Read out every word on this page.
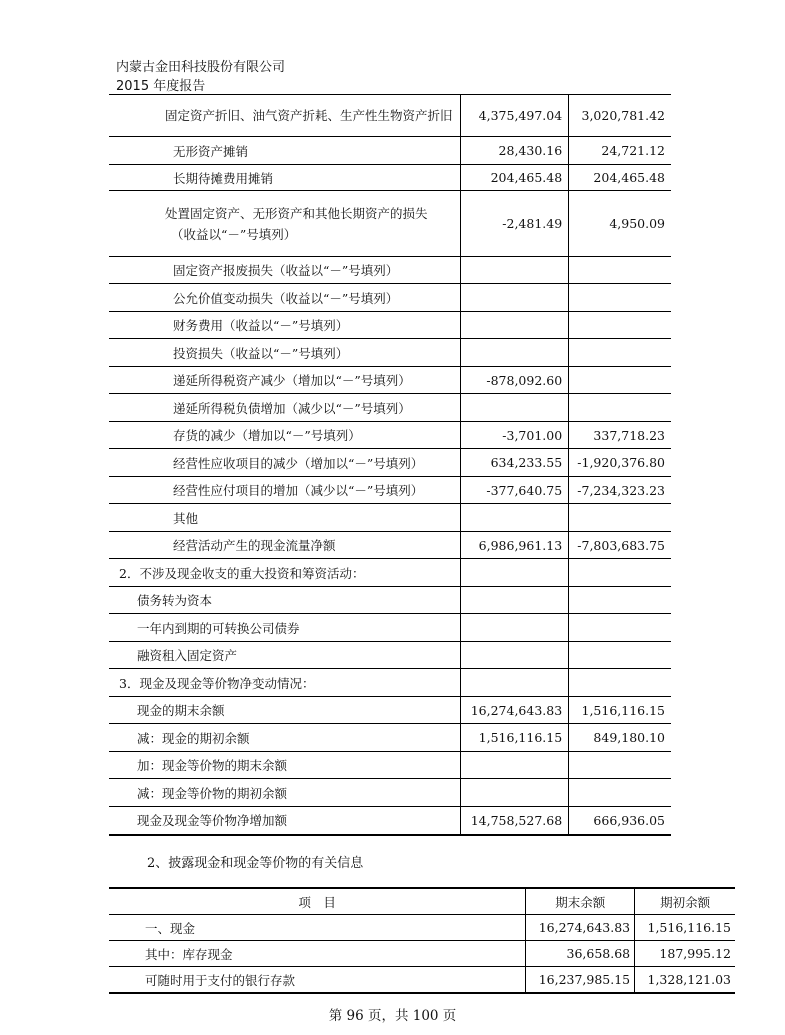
内蒙古金田科技股份有限公司
2015 年度报告
固定资产折旧、油气资产折耗、生产性生物资产折旧	4,375,497.04	3,020,781.42
无形资产摊销	28,430.16	24,721.12
长期待摊费用摊销	204,465.48	204,465.48

处置固定资产、无形资产和其他长期资产的损失
（收益以“－”号填列）	-2,481.49	4,950.09
固定资产报废损失（收益以“－”号填列）		
公允价值变动损失（收益以“－”号填列）		
财务费用（收益以“－”号填列）		
投资损失（收益以“－”号填列）		
递延所得税资产减少（增加以“－”号填列）	-878,092.60	
递延所得税负债增加（减少以“－”号填列）		
存货的减少（增加以“－”号填列）	-3,701.00	337,718.23
经营性应收项目的减少（增加以“－”号填列）	634,233.55	-1,920,376.80
经营性应付项目的增加（减少以“－”号填列）	-377,640.75	-7,234,323.23
其他		
经营活动产生的现金流量净额	6,986,961.13	-7,803,683.75
2．不涉及现金收支的重大投资和筹资活动：		
债务转为资本		
一年内到期的可转换公司债券		
融资租入固定资产		
3．现金及现金等价物净变动情况：		
现金的期末余额	16,274,643.83	1,516,116.15
减：现金的期初余额	1,516,116.15	849,180.10
加：现金等价物的期末余额		
减：现金等价物的期初余额		
现金及现金等价物净增加额	14,758,527.68	666,936.05
2、披露现金和现金等价物的有关信息
项　目	期末余额	期初余额
一、现金	16,274,643.83	1,516,116.15
其中：库存现金	36,658.68	187,995.12
可随时用于支付的银行存款	16,237,985.15	1,328,121.03
第 96 页，共 100 页
